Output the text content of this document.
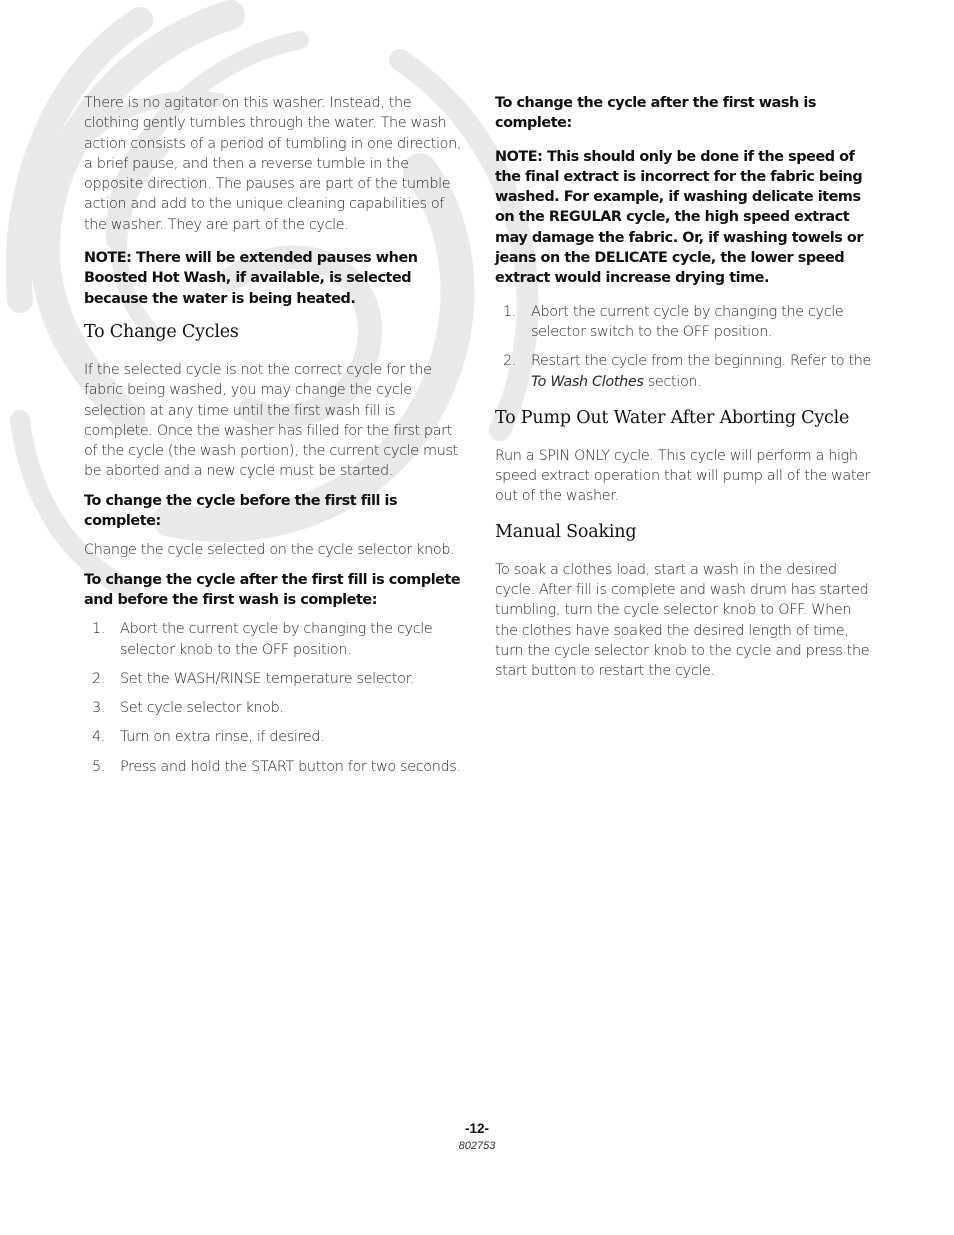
There is no agitator on this washer. Instead, the clothing gently tumbles through the water. The wash action consists of a period of tumbling in one direction, a brief pause, and then a reverse tumble in the opposite direction. The pauses are part of the tumble action and add to the unique cleaning capabilities of the washer. They are part of the cycle.

NOTE: There will be extended pauses when Boosted Hot Wash, if available, is selected because the water is being heated.

To Change Cycles

If the selected cycle is not the correct cycle for the fabric being washed, you may change the cycle selection at any time until the first wash fill is complete. Once the washer has filled for the first part of the cycle (the wash portion), the current cycle must be aborted and a new cycle must be started.

To change the cycle before the first fill is complete:

Change the cycle selected on the cycle selector knob.

To change the cycle after the first fill is complete and before the first wash is complete:

1. Abort the current cycle by changing the cycle selector knob to the OFF position.
2. Set the WASH/RINSE temperature selector.
3. Set cycle selector knob.
4. Turn on extra rinse, if desired.
5. Press and hold the START button for two seconds.

To change the cycle after the first wash is complete:

NOTE: This should only be done if the speed of the final extract is incorrect for the fabric being washed. For example, if washing delicate items on the REGULAR cycle, the high speed extract may damage the fabric. Or, if washing towels or jeans on the DELICATE cycle, the lower speed extract would increase drying time.

1. Abort the current cycle by changing the cycle selector switch to the OFF position.
2. Restart the cycle from the beginning. Refer to the To Wash Clothes section.
To Pump Out Water After Aborting Cycle

Run a SPIN ONLY cycle. This cycle will perform a high speed extract operation that will pump all of the water out of the washer.

Manual Soaking

To soak a clothes load, start a wash in the desired cycle. After fill is complete and wash drum has started tumbling, turn the cycle selector knob to OFF. When the clothes have soaked the desired length of time, turn the cycle selector knob to the cycle and press the start button to restart the cycle.

-12-
802753
